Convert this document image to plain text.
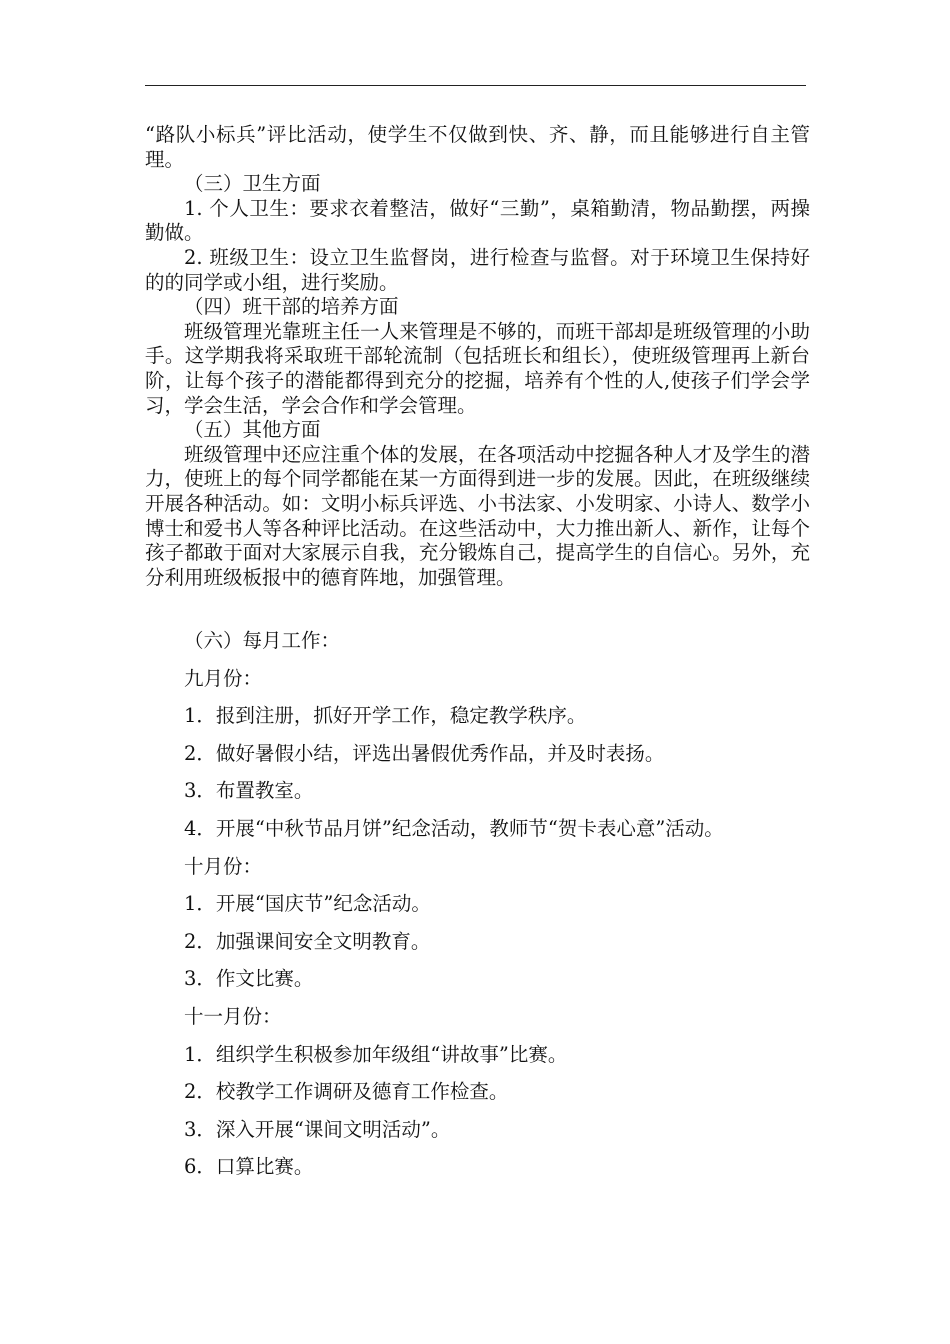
“路队小标兵”评比活动，使学生不仅做到快、齐、静，而且能够进行自主管理。

（三）卫生方面

1. 个人卫生：要求衣着整洁，做好“三勤”，桌箱勤清，物品勤摆，两操勤做。

2. 班级卫生：设立卫生监督岗，进行检查与监督。对于环境卫生保持好的的同学或小组，进行奖励。

（四）班干部的培养方面

班级管理光靠班主任一人来管理是不够的，而班干部却是班级管理的小助手。这学期我将采取班干部轮流制（包括班长和组长），使班级管理再上新台阶，让每个孩子的潜能都得到充分的挖掘，培养有个性的人,使孩子们学会学习，学会生活，学会合作和学会管理。

（五）其他方面

班级管理中还应注重个体的发展，在各项活动中挖掘各种人才及学生的潜力，使班上的每个同学都能在某一方面得到进一步的发展。因此，在班级继续开展各种活动。如：文明小标兵评选、小书法家、小发明家、小诗人、数学小博士和爱书人等各种评比活动。在这些活动中，大力推出新人、新作，让每个孩子都敢于面对大家展示自我，充分锻炼自己，提高学生的自信心。另外，充分利用班级板报中的德育阵地，加强管理。

（六）每月工作：

九月份：

1．报到注册，抓好开学工作，稳定教学秩序。

2．做好暑假小结，评选出暑假优秀作品，并及时表扬。

3．布置教室。

4．开展“中秋节品月饼”纪念活动，教师节“贺卡表心意”活动。

十月份：

1．开展“国庆节”纪念活动。

2．加强课间安全文明教育。

3．作文比赛。

十一月份：

1．组织学生积极参加年级组“讲故事”比赛。

2．校教学工作调研及德育工作检查。

3．深入开展“课间文明活动”。

6．口算比赛。
